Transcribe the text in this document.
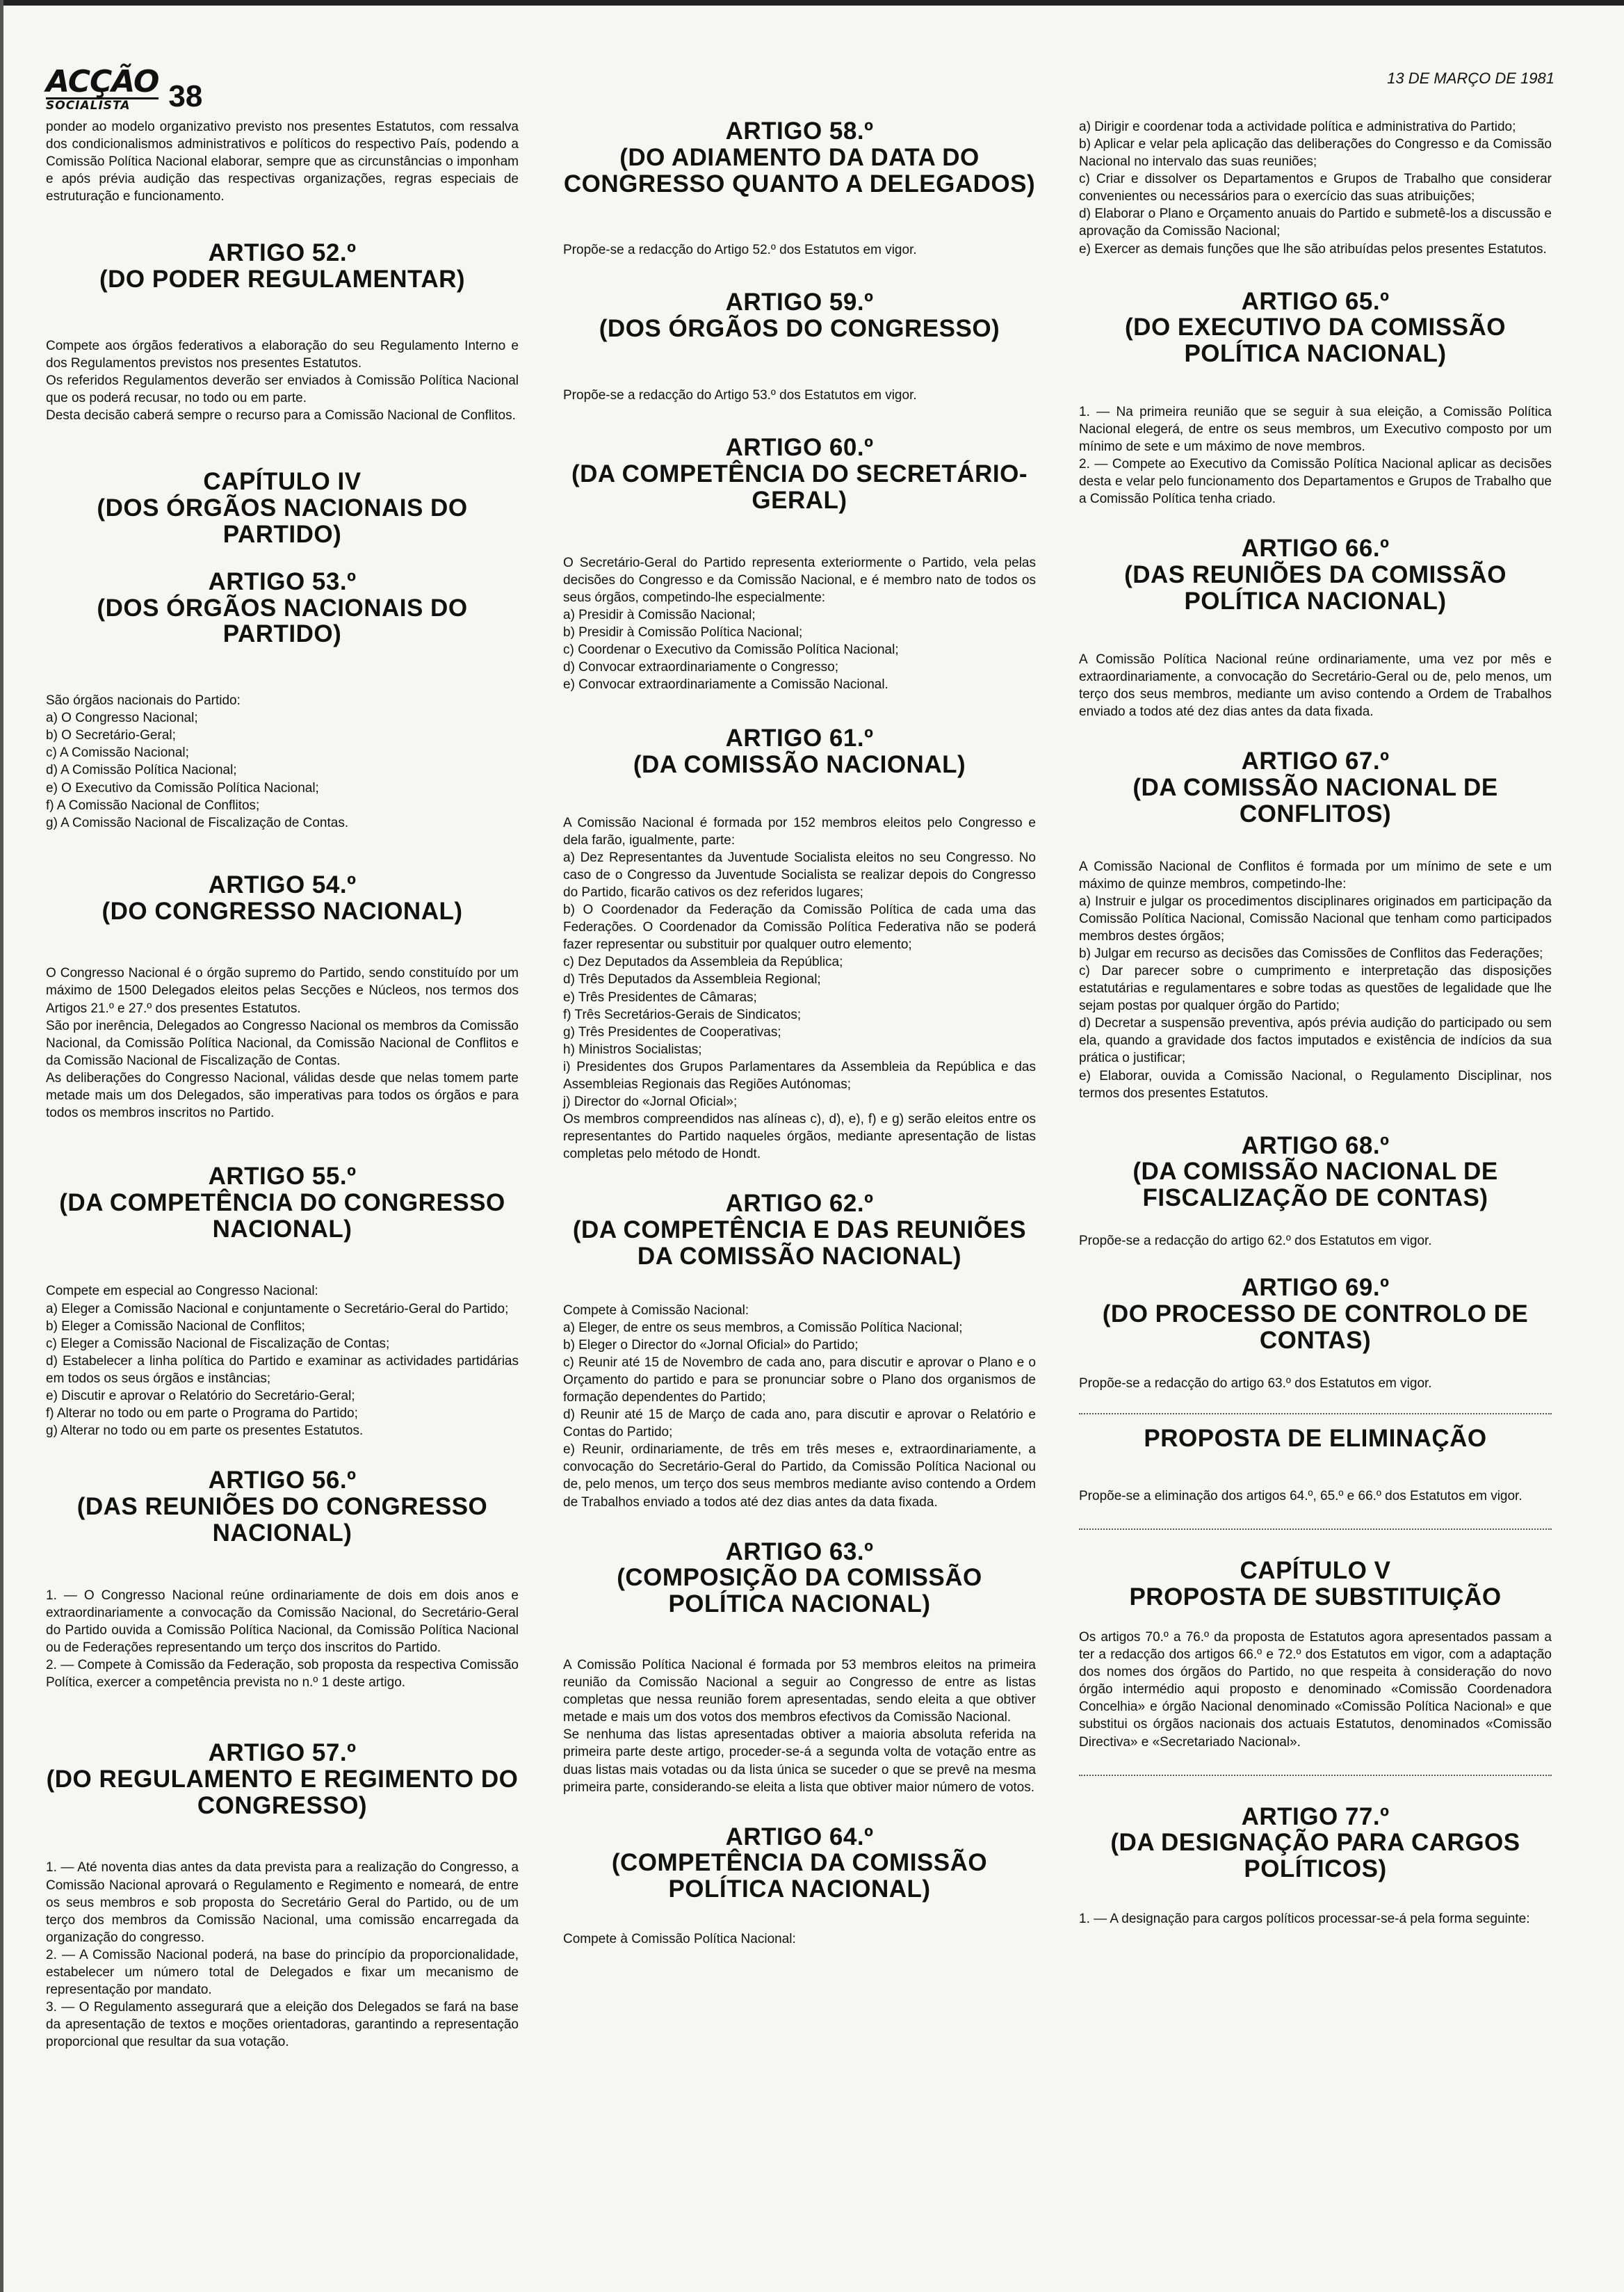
ACÇÃO
SOCIALISTA	38
13 DE MARÇO DE 1981

ponder ao modelo organizativo previsto nos presentes Estatutos, com ressalva dos condicionalismos administrativos e políticos do respectivo País, podendo a Comissão Política Nacional elaborar, sempre que as circunstâncias o imponham e após prévia audição das respectivas organizações, regras especiais de estruturação e funcionamento.

ARTIGO 52.º
(DO PODER REGULAMENTAR)

Compete aos órgãos federativos a elaboração do seu Regulamento Interno e dos Regulamentos previstos nos presentes Estatutos.

Os referidos Regulamentos deverão ser enviados à Comissão Política Nacional que os poderá recusar, no todo ou em parte.

Desta decisão caberá sempre o recurso para a Comissão Nacional de Conflitos.

CAPÍTULO IV
(DOS ÓRGÃOS NACIONAIS DO PARTIDO)
ARTIGO 53.º
(DOS ÓRGÃOS NACIONAIS DO PARTIDO)

São órgãos nacionais do Partido:

a) O Congresso Nacional;

b) O Secretário-Geral;

c) A Comissão Nacional;

d) A Comissão Política Nacional;

e) O Executivo da Comissão Política Nacional;

f) A Comissão Nacional de Conflitos;

g) A Comissão Nacional de Fiscalização de Contas.

ARTIGO 54.º
(DO CONGRESSO NACIONAL)

O Congresso Nacional é o órgão supremo do Partido, sendo constituído por um máximo de 1500 Delegados eleitos pelas Secções e Núcleos, nos termos dos Artigos 21.º e 27.º dos presentes Estatutos.

São por inerência, Delegados ao Congresso Nacional os membros da Comissão Nacional, da Comissão Política Nacional, da Comissão Nacional de Conflitos e da Comissão Nacional de Fiscalização de Contas.

As deliberações do Congresso Nacional, válidas desde que nelas tomem parte metade mais um dos Delegados, são imperativas para todos os órgãos e para todos os membros inscritos no Partido.

ARTIGO 55.º
(DA COMPETÊNCIA DO CONGRESSO NACIONAL)

Compete em especial ao Congresso Nacional:

a) Eleger a Comissão Nacional e conjuntamente o Secretário-Geral do Partido;

b) Eleger a Comissão Nacional de Conflitos;

c) Eleger a Comissão Nacional de Fiscalização de Contas;

d) Estabelecer a linha política do Partido e examinar as actividades partidárias em todos os seus órgãos e instâncias;

e) Discutir e aprovar o Relatório do Secretário-Geral;

f) Alterar no todo ou em parte o Programa do Partido;

g) Alterar no todo ou em parte os presentes Estatutos.

ARTIGO 56.º
(DAS REUNIÕES DO CONGRESSO NACIONAL)

1. — O Congresso Nacional reúne ordinariamente de dois em dois anos e extraordinariamente a convocação da Comissão Nacional, do Secretário-Geral do Partido ouvida a Comissão Política Nacional, da Comissão Política Nacional ou de Federações representando um terço dos inscritos do Partido.

2. — Compete à Comissão da Federação, sob proposta da respectiva Comissão Política, exercer a competência prevista no n.º 1 deste artigo.

ARTIGO 57.º
(DO REGULAMENTO E REGIMENTO DO CONGRESSO)

1. — Até noventa dias antes da data prevista para a realização do Congresso, a Comissão Nacional aprovará o Regulamento e Regimento e nomeará, de entre os seus membros e sob proposta do Secretário Geral do Partido, ou de um terço dos membros da Comissão Nacional, uma comissão encarregada da organização do congresso.

2. — A Comissão Nacional poderá, na base do princípio da proporcionalidade, estabelecer um número total de Delegados e fixar um mecanismo de representação por mandato.

3. — O Regulamento assegurará que a eleição dos Delegados se fará na base da apresentação de textos e moções orientadoras, garantindo a representação proporcional que resultar da sua votação.

ARTIGO 58.º
(DO ADIAMENTO DA DATA DO CONGRESSO QUANTO A DELEGADOS)

Propõe-se a redacção do Artigo 52.º dos Estatutos em vigor.

ARTIGO 59.º
(DOS ÓRGÃOS DO CONGRESSO)

Propõe-se a redacção do Artigo 53.º dos Estatutos em vigor.

ARTIGO 60.º
(DA COMPETÊNCIA DO SECRETÁRIO-GERAL)

O Secretário-Geral do Partido representa exteriormente o Partido, vela pelas decisões do Congresso e da Comissão Nacional, e é membro nato de todos os seus órgãos, competindo-lhe especialmente:

a) Presidir à Comissão Nacional;

b) Presidir à Comissão Política Nacional;

c) Coordenar o Executivo da Comissão Política Nacional;

d) Convocar extraordinariamente o Congresso;

e) Convocar extraordinariamente a Comissão Nacional.

ARTIGO 61.º
(DA COMISSÃO NACIONAL)

A Comissão Nacional é formada por 152 membros eleitos pelo Congresso e dela farão, igualmente, parte:

a) Dez Representantes da Juventude Socialista eleitos no seu Congresso. No caso de o Congresso da Juventude Socialista se realizar depois do Congresso do Partido, ficarão cativos os dez referidos lugares;

b) O Coordenador da Federação da Comissão Política de cada uma das Federações. O Coordenador da Comissão Política Federativa não se poderá fazer representar ou substituir por qualquer outro elemento;

c) Dez Deputados da Assembleia da República;

d) Três Deputados da Assembleia Regional;

e) Três Presidentes de Câmaras;

f) Três Secretários-Gerais de Sindicatos;

g) Três Presidentes de Cooperativas;

h) Ministros Socialistas;

i) Presidentes dos Grupos Parlamentares da Assembleia da República e das Assembleias Regionais das Regiões Autónomas;

j) Director do «Jornal Oficial»;

Os membros compreendidos nas alíneas c), d), e), f) e g) serão eleitos entre os representantes do Partido naqueles órgãos, mediante apresentação de listas completas pelo método de Hondt.

ARTIGO 62.º
(DA COMPETÊNCIA E DAS REUNIÕES DA COMISSÃO NACIONAL)

Compete à Comissão Nacional:

a) Eleger, de entre os seus membros, a Comissão Política Nacional;

b) Eleger o Director do «Jornal Oficial» do Partido;

c) Reunir até 15 de Novembro de cada ano, para discutir e aprovar o Plano e o Orçamento do partido e para se pronunciar sobre o Plano dos organismos de formação dependentes do Partido;

d) Reunir até 15 de Março de cada ano, para discutir e aprovar o Relatório e Contas do Partido;

e) Reunir, ordinariamente, de três em três meses e, extraordinariamente, a convocação do Secretário-Geral do Partido, da Comissão Política Nacional ou de, pelo menos, um terço dos seus membros mediante aviso contendo a Ordem de Trabalhos enviado a todos até dez dias antes da data fixada.

ARTIGO 63.º
(COMPOSIÇÃO DA COMISSÃO POLÍTICA NACIONAL)

A Comissão Política Nacional é formada por 53 membros eleitos na primeira reunião da Comissão Nacional a seguir ao Congresso de entre as listas completas que nessa reunião forem apresentadas, sendo eleita a que obtiver metade e mais um dos votos dos membros efectivos da Comissão Nacional.

Se nenhuma das listas apresentadas obtiver a maioria absoluta referida na primeira parte deste artigo, proceder-se-á a segunda volta de votação entre as duas listas mais votadas ou da lista única se suceder o que se prevê na mesma primeira parte, considerando-se eleita a lista que obtiver maior número de votos.

ARTIGO 64.º
(COMPETÊNCIA DA COMISSÃO POLÍTICA NACIONAL)

Compete à Comissão Política Nacional:

a) Dirigir e coordenar toda a actividade política e administrativa do Partido;

b) Aplicar e velar pela aplicação das deliberações do Congresso e da Comissão Nacional no intervalo das suas reuniões;

c) Criar e dissolver os Departamentos e Grupos de Trabalho que considerar convenientes ou necessários para o exercício das suas atribuições;

d) Elaborar o Plano e Orçamento anuais do Partido e submetê-los a discussão e aprovação da Comissão Nacional;

e) Exercer as demais funções que lhe são atribuídas pelos presentes Estatutos.

ARTIGO 65.º
(DO EXECUTIVO DA COMISSÃO POLÍTICA NACIONAL)

1. — Na primeira reunião que se seguir à sua eleição, a Comissão Política Nacional elegerá, de entre os seus membros, um Executivo composto por um mínimo de sete e um máximo de nove membros.

2. — Compete ao Executivo da Comissão Política Nacional aplicar as decisões desta e velar pelo funcionamento dos Departamentos e Grupos de Trabalho que a Comissão Política tenha criado.

ARTIGO 66.º
(DAS REUNIÕES DA COMISSÃO POLÍTICA NACIONAL)

A Comissão Política Nacional reúne ordinariamente, uma vez por mês e extraordinariamente, a convocação do Secretário-Geral ou de, pelo menos, um terço dos seus membros, mediante um aviso contendo a Ordem de Trabalhos enviado a todos até dez dias antes da data fixada.

ARTIGO 67.º
(DA COMISSÃO NACIONAL DE CONFLITOS)

A Comissão Nacional de Conflitos é formada por um mínimo de sete e um máximo de quinze membros, competindo-lhe:

a) Instruir e julgar os procedimentos disciplinares originados em participação da Comissão Política Nacional, Comissão Nacional que tenham como participados membros destes órgãos;

b) Julgar em recurso as decisões das Comissões de Conflitos das Federações;

c) Dar parecer sobre o cumprimento e interpretação das disposições estatutárias e regulamentares e sobre todas as questões de legalidade que lhe sejam postas por qualquer órgão do Partido;

d) Decretar a suspensão preventiva, após prévia audição do participado ou sem ela, quando a gravidade dos factos imputados e existência de indícios da sua prática o justificar;

e) Elaborar, ouvida a Comissão Nacional, o Regulamento Disciplinar, nos termos dos presentes Estatutos.

ARTIGO 68.º
(DA COMISSÃO NACIONAL DE FISCALIZAÇÃO DE CONTAS)

Propõe-se a redacção do artigo 62.º dos Estatutos em vigor.

ARTIGO 69.º
(DO PROCESSO DE CONTROLO DE CONTAS)

Propõe-se a redacção do artigo 63.º dos Estatutos em vigor.

PROPOSTA DE ELIMINAÇÃO

Propõe-se a eliminação dos artigos 64.º, 65.º e 66.º dos Estatutos em vigor.

CAPÍTULO V
PROPOSTA DE SUBSTITUIÇÃO

Os artigos 70.º a 76.º da proposta de Estatutos agora apresentados passam a ter a redacção dos artigos 66.º e 72.º dos Estatutos em vigor, com a adaptação dos nomes dos órgãos do Partido, no que respeita à consideração do novo órgão intermédio aqui proposto e denominado «Comissão Coordenadora Concelhia» e órgão Nacional denominado «Comissão Política Nacional» e que substitui os órgãos nacionais dos actuais Estatutos, denominados «Comissão Directiva» e «Secretariado Nacional».

ARTIGO 77.º
(DA DESIGNAÇÃO PARA CARGOS POLÍTICOS)

1. — A designação para cargos políticos processar-se-á pela forma seguinte:
